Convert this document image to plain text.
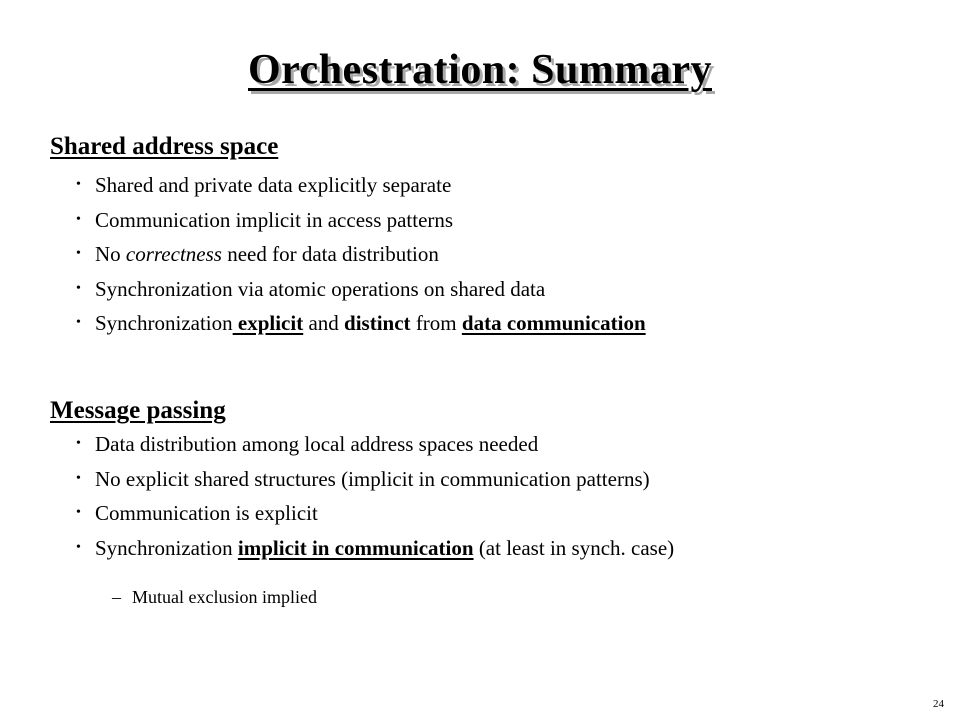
Orchestration: Summary
Shared address space
• Shared and private data explicitly separate
• Communication implicit in access patterns
• No correctness need for data distribution
• Synchronization via atomic operations on shared data
• Synchronization explicit and distinct from data communication
Message passing
• Data distribution among local address spaces needed
• No explicit shared structures (implicit in communication patterns)
• Communication is explicit
• Synchronization implicit in communication (at least in synch. case)
– Mutual exclusion implied
24
